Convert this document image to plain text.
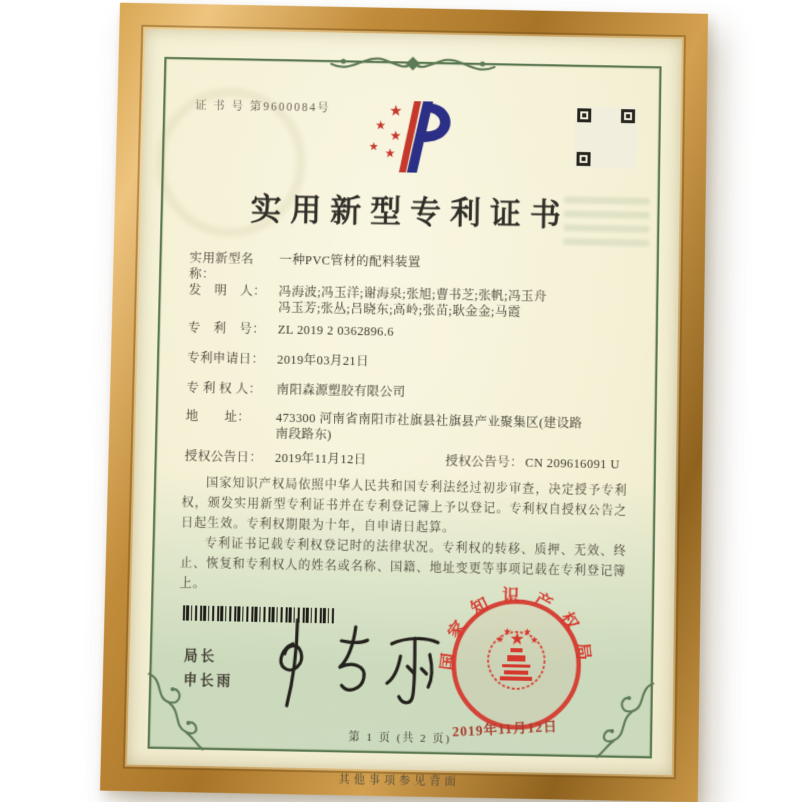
证 书 号 第9600084号
实用新型专利证书
实用新型名称：
一种PVC管材的配料装置
发　明　人： 冯海波;冯玉洋;谢海泉;张旭;曹书芝;张帆;冯玉舟
冯玉芳;张丛;吕晓东;高岭;张苗;耿金金;马霞
专　利　号： ZL 2019 2 0362896.6
专利申请日： 2019年03月21日
专 利 权 人：	南阳森源塑胶有限公司
地　　址：	473300 河南省南阳市社旗县社旗县产业聚集区(建设路南段路东)
授权公告日： 2019年11月12日	授权公告号： CN 209616091 U

国家知识产权局依照中华人民共和国专利法经过初步审查，决定授予专利权，颁发实用新型专利证书并在专利登记簿上予以登记。专利权自授权公告之日起生效。专利权期限为十年，自申请日起算。

专利证书记载专利权登记时的法律状况。专利权的转移、质押、无效、终止、恢复和专利权人的姓名或名称、国籍、地址变更等事项记载在专利登记簿上。

局长
申长雨
国家知识产权局
2019年11月12日
第 1 页 (共 2 页)
其他事项参见背面
